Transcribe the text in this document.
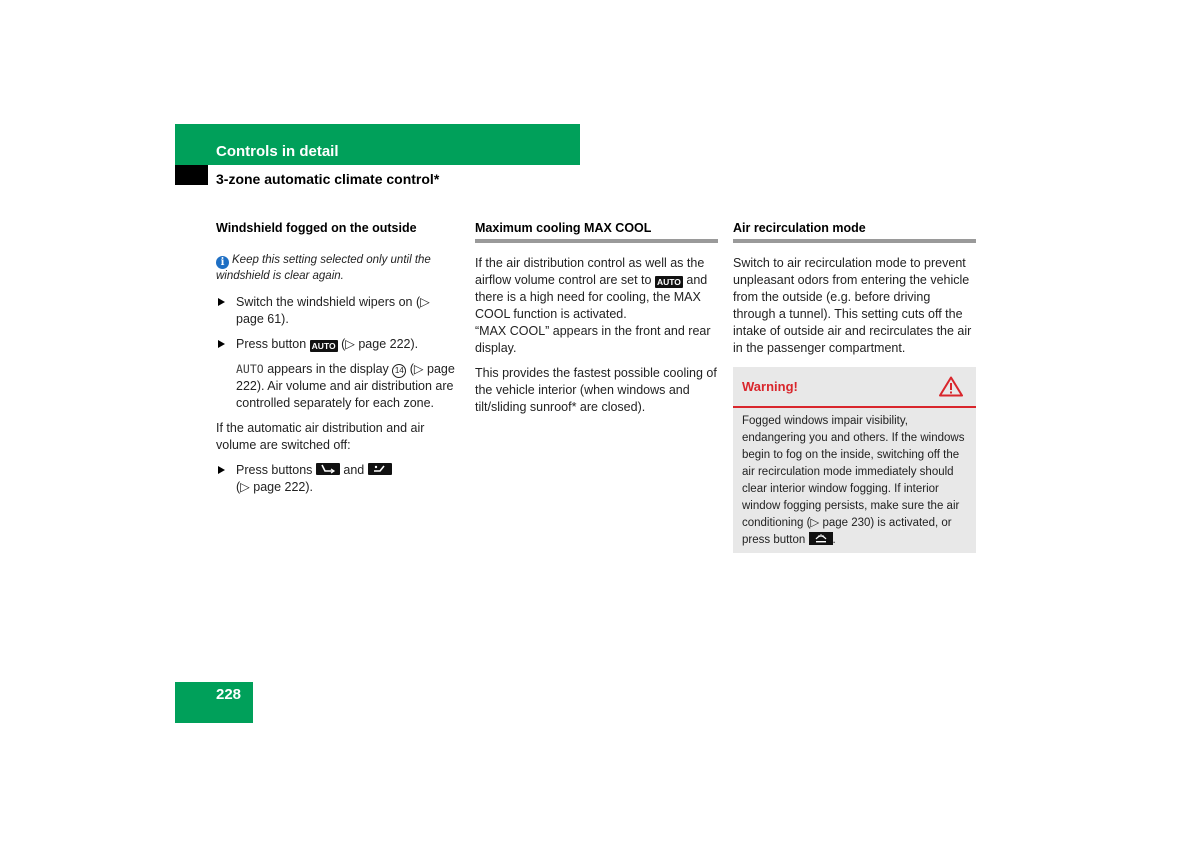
Controls in detail
3-zone automatic climate control*
Windshield fogged on the outside
i Keep this setting selected only until the windshield is clear again.
Switch the windshield wipers on (▷ page 61).
Press button AUTO (▷ page 222).

AUTO appears in the display 14 (▷ page 222). Air volume and air distribution are controlled separately for each zone.

If the automatic air distribution and air volume are switched off:

Press buttons and
(▷ page 222).
Maximum cooling MAX COOL

If the air distribution control as well as the airflow volume control are set to AUTO and there is a high need for cooling, the MAX COOL function is activated.
“MAX COOL” appears in the front and rear display.

This provides the fastest possible cooling of the vehicle interior (when windows and tilt/sliding sunroof* are closed).

Air recirculation mode

Switch to air recirculation mode to prevent unpleasant odors from entering the vehicle from the outside (e.g. before driving through a tunnel). This setting cuts off the intake of outside air and recirculates the air in the passenger compartment.

Warning!
Fogged windows impair visibility, endangering you and others. If the windows begin to fog on the inside, switching off the air recirculation mode immediately should clear interior window fogging. If interior window fogging persists, make sure the air conditioning (▷ page 230) is activated, or press button .
228
